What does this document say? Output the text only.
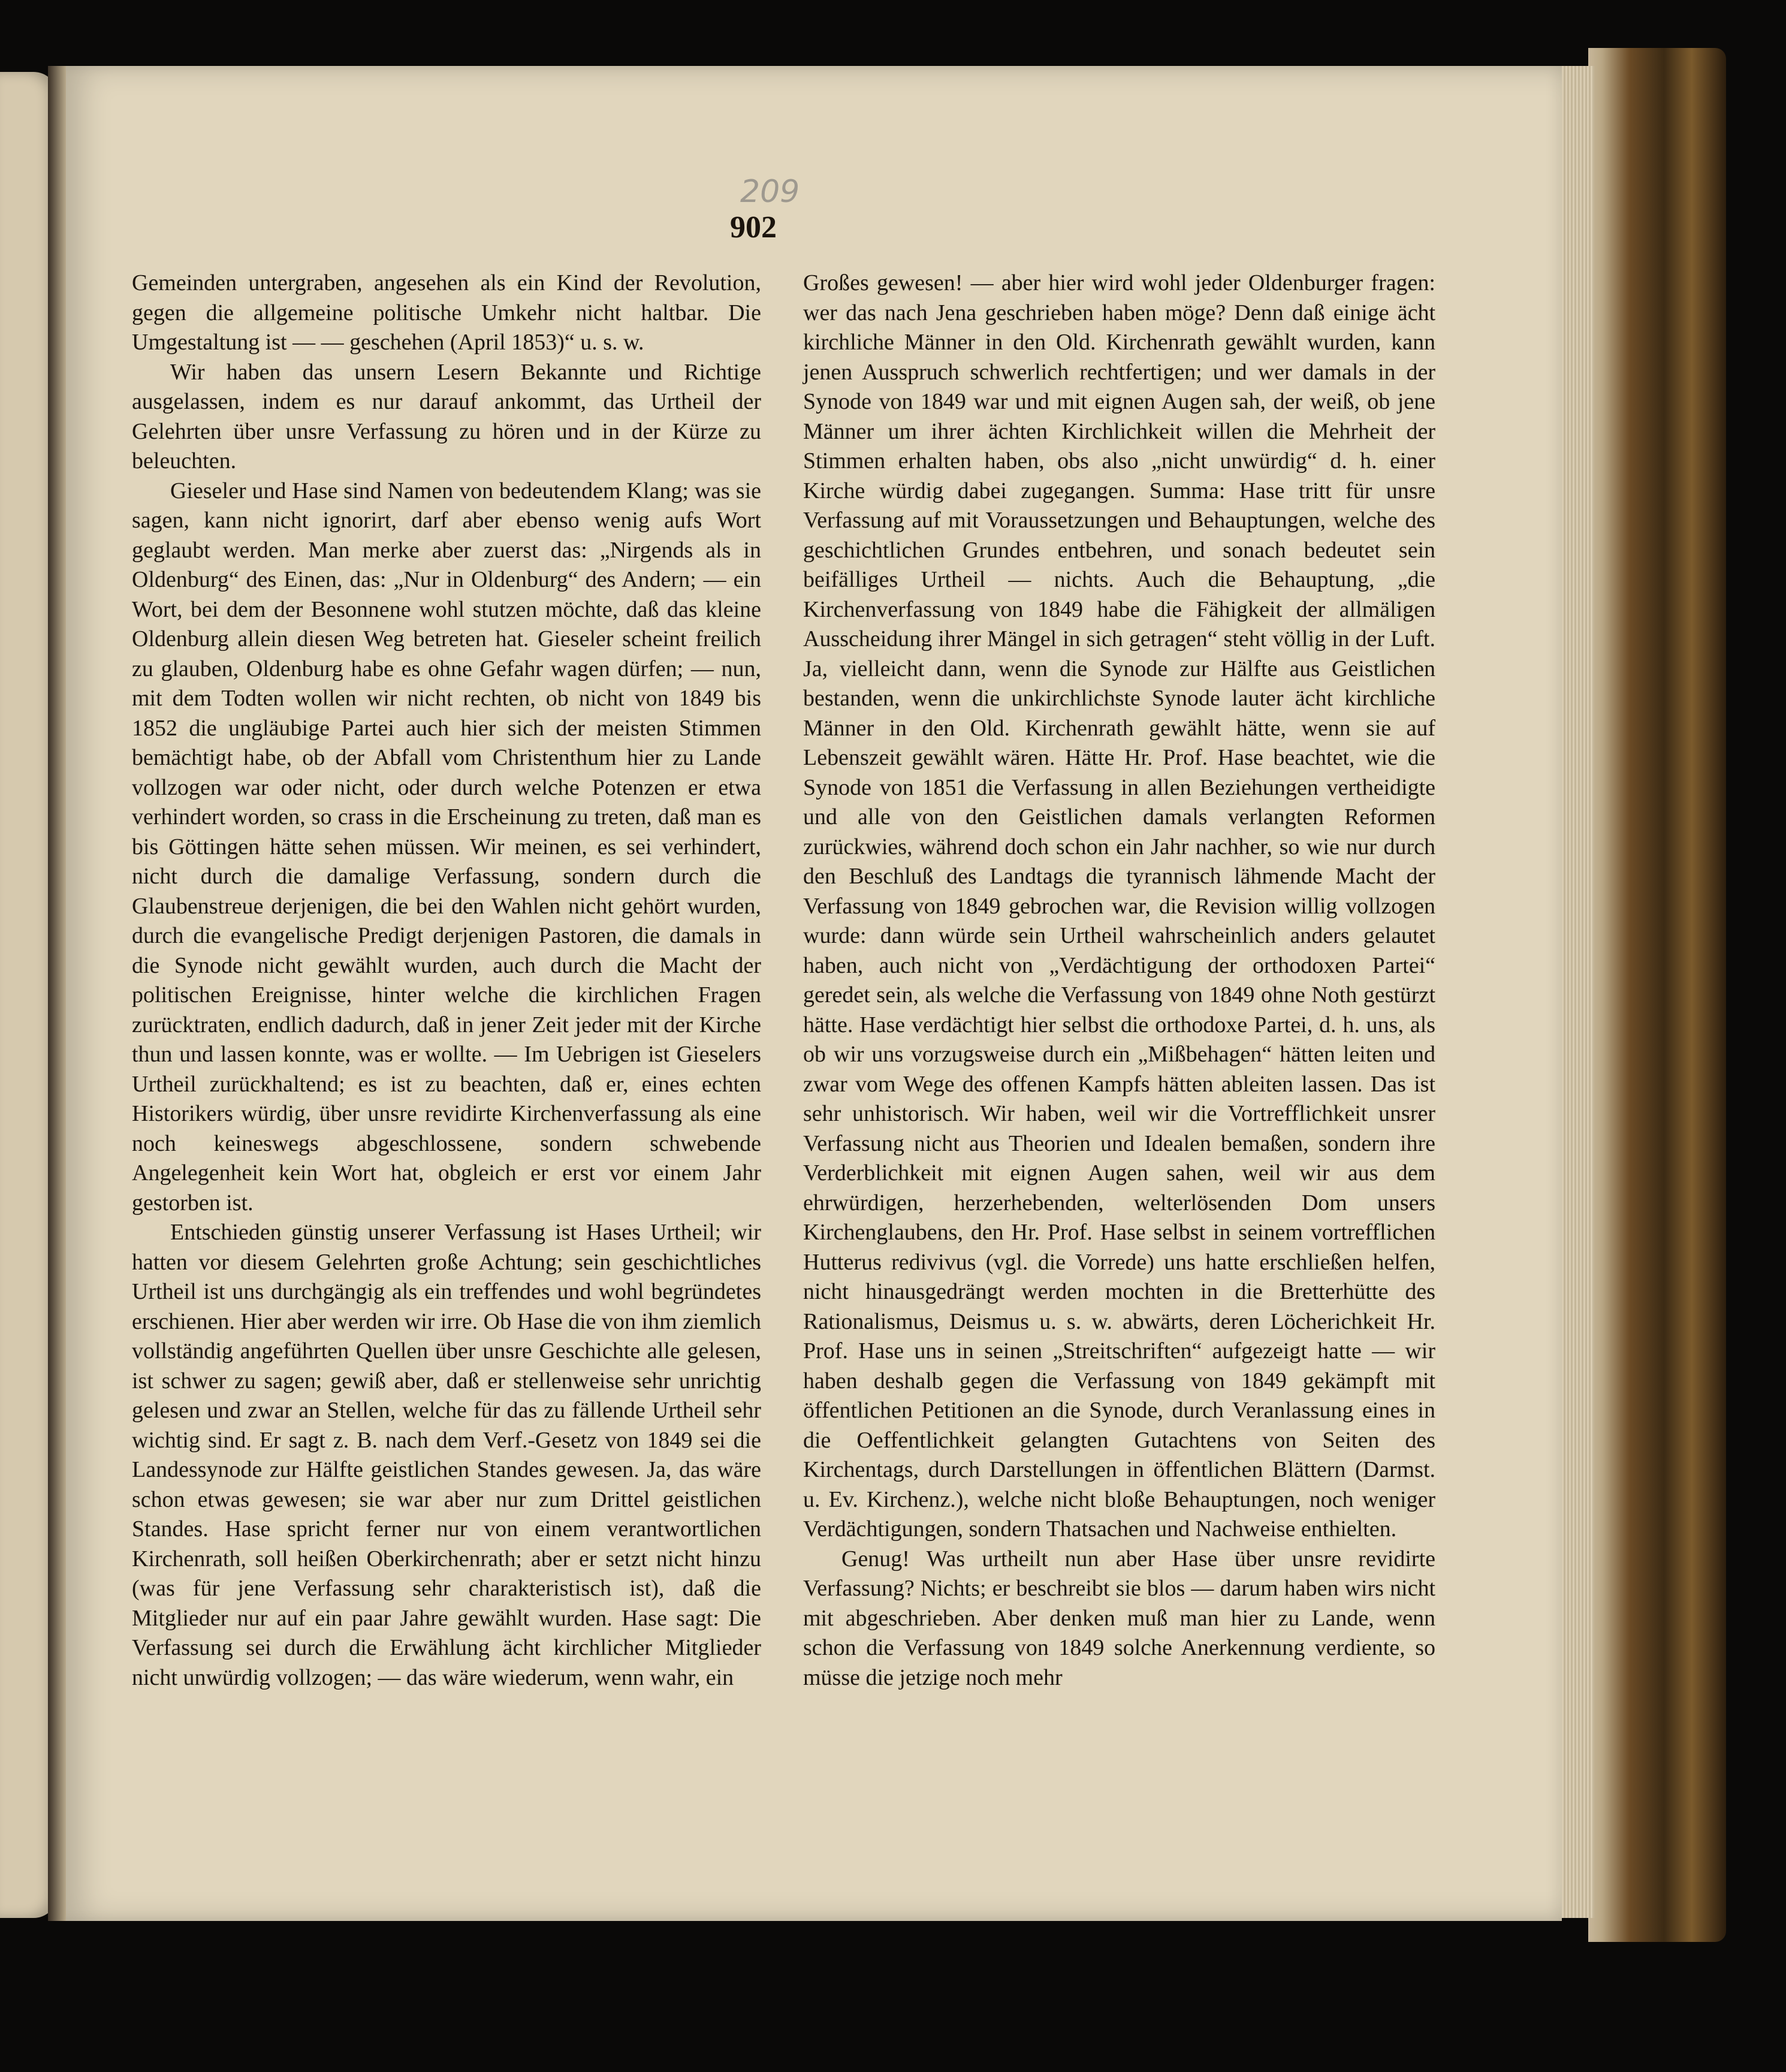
209
902

Gemeinden untergraben, angesehen als ein Kind der Revolution, gegen die allgemeine politische Umkehr nicht haltbar. Die Umgestaltung ist — — geschehen (April 1853)“ u. s. w.

Wir haben das unsern Lesern Bekannte und Richtige ausgelassen, indem es nur darauf ankommt, das Urtheil der Gelehrten über unsre Verfassung zu hören und in der Kürze zu beleuchten.

Gieseler und Hase sind Namen von bedeutendem Klang; was sie sagen, kann nicht ignorirt, darf aber ebenso wenig aufs Wort geglaubt werden. Man merke aber zuerst das: „Nirgends als in Oldenburg“ des Einen, das: „Nur in Oldenburg“ des Andern; — ein Wort, bei dem der Besonnene wohl stutzen möchte, daß das kleine Oldenburg allein diesen Weg betreten hat. Gieseler scheint freilich zu glauben, Oldenburg habe es ohne Gefahr wagen dürfen; — nun, mit dem Todten wollen wir nicht rechten, ob nicht von 1849 bis 1852 die ungläubige Partei auch hier sich der meisten Stimmen bemächtigt habe, ob der Abfall vom Christenthum hier zu Lande vollzogen war oder nicht, oder durch welche Potenzen er etwa verhindert worden, so crass in die Erscheinung zu treten, daß man es bis Göttingen hätte sehen müssen. Wir meinen, es sei verhindert, nicht durch die damalige Verfassung, sondern durch die Glaubenstreue derjenigen, die bei den Wahlen nicht gehört wurden, durch die evangelische Predigt derjenigen Pastoren, die damals in die Synode nicht gewählt wurden, auch durch die Macht der politischen Ereignisse, hinter welche die kirchlichen Fragen zurücktraten, endlich dadurch, daß in jener Zeit jeder mit der Kirche thun und lassen konnte, was er wollte. — Im Uebrigen ist Gieselers Urtheil zurückhaltend; es ist zu beachten, daß er, eines echten Historikers würdig, über unsre revidirte Kirchenverfassung als eine noch keineswegs abgeschlossene, sondern schwebende Angelegenheit kein Wort hat, obgleich er erst vor einem Jahr gestorben ist.

Entschieden günstig unserer Verfassung ist Hases Urtheil; wir hatten vor diesem Gelehrten große Achtung; sein geschichtliches Urtheil ist uns durchgängig als ein treffendes und wohl begründetes erschienen. Hier aber werden wir irre. Ob Hase die von ihm ziemlich vollständig angeführten Quellen über unsre Geschichte alle gelesen, ist schwer zu sagen; gewiß aber, daß er stellenweise sehr unrichtig gelesen und zwar an Stellen, welche für das zu fällende Urtheil sehr wichtig sind. Er sagt z. B. nach dem Verf.-Gesetz von 1849 sei die Landessynode zur Hälfte geistlichen Standes gewesen. Ja, das wäre schon etwas gewesen; sie war aber nur zum Drittel geistlichen Standes. Hase spricht ferner nur von einem verantwortlichen Kirchenrath, soll heißen Oberkirchenrath; aber er setzt nicht hinzu (was für jene Verfassung sehr charakteristisch ist), daß die Mitglieder nur auf ein paar Jahre gewählt wurden. Hase sagt: Die Verfassung sei durch die Erwählung ächt kirchlicher Mitglieder nicht unwürdig vollzogen; — das wäre wiederum, wenn wahr, ein

Großes gewesen! — aber hier wird wohl jeder Oldenburger fragen: wer das nach Jena geschrieben haben möge? Denn daß einige ächt kirchliche Männer in den Old. Kirchenrath gewählt wurden, kann jenen Ausspruch schwerlich rechtfertigen; und wer damals in der Synode von 1849 war und mit eignen Augen sah, der weiß, ob jene Männer um ihrer ächten Kirchlichkeit willen die Mehrheit der Stimmen erhalten haben, obs also „nicht unwürdig“ d. h. einer Kirche würdig dabei zugegangen. Summa: Hase tritt für unsre Verfassung auf mit Voraussetzungen und Behauptungen, welche des geschichtlichen Grundes entbehren, und sonach bedeutet sein beifälliges Urtheil — nichts. Auch die Behauptung, „die Kirchenverfassung von 1849 habe die Fähigkeit der allmäligen Ausscheidung ihrer Mängel in sich getragen“ steht völlig in der Luft. Ja, vielleicht dann, wenn die Synode zur Hälfte aus Geistlichen bestanden, wenn die unkirchlichste Synode lauter ächt kirchliche Männer in den Old. Kirchenrath gewählt hätte, wenn sie auf Lebenszeit gewählt wären. Hätte Hr. Prof. Hase beachtet, wie die Synode von 1851 die Verfassung in allen Beziehungen vertheidigte und alle von den Geistlichen damals verlangten Reformen zurückwies, während doch schon ein Jahr nachher, so wie nur durch den Beschluß des Landtags die tyrannisch lähmende Macht der Verfassung von 1849 gebrochen war, die Revision willig vollzogen wurde: dann würde sein Urtheil wahrscheinlich anders gelautet haben, auch nicht von „Verdächtigung der orthodoxen Partei“ geredet sein, als welche die Verfassung von 1849 ohne Noth gestürzt hätte. Hase verdächtigt hier selbst die orthodoxe Partei, d. h. uns, als ob wir uns vorzugsweise durch ein „Mißbehagen“ hätten leiten und zwar vom Wege des offenen Kampfs hätten ableiten lassen. Das ist sehr unhistorisch. Wir haben, weil wir die Vortrefflichkeit unsrer Verfassung nicht aus Theorien und Idealen bemaßen, sondern ihre Verderblichkeit mit eignen Augen sahen, weil wir aus dem ehrwürdigen, herzerhebenden, welterlösenden Dom unsers Kirchenglaubens, den Hr. Prof. Hase selbst in seinem vortrefflichen Hutterus redivivus (vgl. die Vorrede) uns hatte erschließen helfen, nicht hinausgedrängt werden mochten in die Bretterhütte des Rationalismus, Deismus u. s. w. abwärts, deren Löcherichkeit Hr. Prof. Hase uns in seinen „Streitschriften“ aufgezeigt hatte — wir haben deshalb gegen die Verfassung von 1849 gekämpft mit öffentlichen Petitionen an die Synode, durch Veranlassung eines in die Oeffentlichkeit gelangten Gutachtens von Seiten des Kirchentags, durch Darstellungen in öffentlichen Blättern (Darmst. u. Ev. Kirchenz.), welche nicht bloße Behauptungen, noch weniger Verdächtigungen, sondern Thatsachen und Nachweise enthielten.

Genug! Was urtheilt nun aber Hase über unsre revidirte Verfassung? Nichts; er beschreibt sie blos — darum haben wirs nicht mit abgeschrieben. Aber denken muß man hier zu Lande, wenn schon die Verfassung von 1849 solche Anerkennung verdiente, so müsse die jetzige noch mehr
